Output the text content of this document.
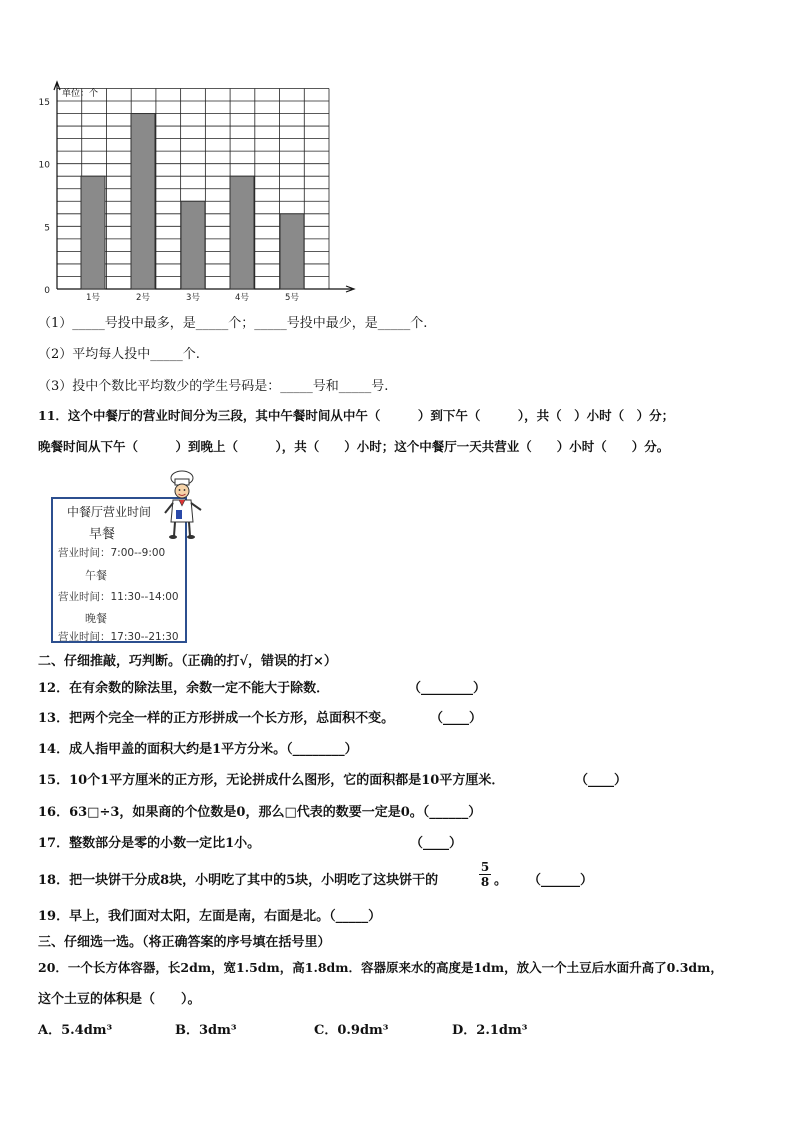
0
5
10
15
1号	2号	3号	4号	5号
单位：个
（1）_____号投中最多，是_____个；_____号投中最少，是_____个.
（2）平均每人投中_____个.
（3）投中个数比平均数少的学生号码是：_____号和_____号.
11．这个中餐厅的营业时间分为三段，其中午餐时间从中午（　　　）到下午（　　　），共（　）小时（　）分；
晚餐时间从下午（　　　）到晚上（　　　），共（　　）小时；这个中餐厅一天共营业（　　）小时（　　）分。
中餐厅营业时间
早餐
营业时间：7:00--9:00
午餐
营业时间：11:30--14:00
晚餐
营业时间：17:30--21:30
二、仔细推敲，巧判断。（正确的打√，错误的打×）
12．在有余数的除法里，余数一定不能大于除数．	（________）
13．把两个完全一样的正方形拼成一个长方形，总面积不变。	（____）
14．成人指甲盖的面积大约是1平方分米。（________）
15．10个1平方厘米的正方形，无论拼成什么图形，它的面积都是10平方厘米．	（____）
16．63□÷3，如果商的个位数是0，那么□代表的数要一定是0。（______）
17．整数部分是零的小数一定比1小。	（____）
18．把一块饼干分成8块，小明吃了其中的5块，小明吃了这块饼干的	$\frac{5}{8}$ 。 （______）
19．早上，我们面对太阳，左面是南，右面是北。（_____）
三、仔细选一选。（将正确答案的序号填在括号里）
20．一个长方体容器，长2dm，宽1.5dm，高1.8dm．容器原来水的高度是1dm，放入一个土豆后水面升高了0.3dm，
这个土豆的体积是（　　）。
A．5.4dm³	B．3dm³	C．0.9dm³	D．2.1dm³
